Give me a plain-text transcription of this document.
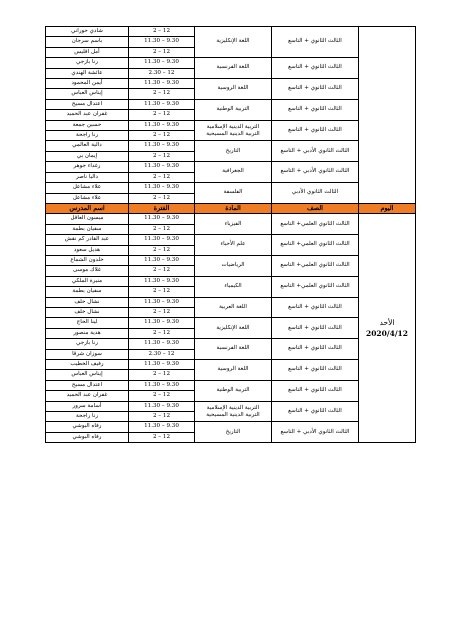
	الثالث الثانوي + التاسع	اللغة الإنكليزية	12 – 2	شادي حوراني
			9.30 – 11.30	باسم سرجان
			12 – 2	أمل اقليس
	الثالث الثانوي + التاسع	اللغة الفرنسية	9.30 – 11.30	رنا بازجي
			12 – 2.30	عائشة الهندي
	الثالث الثانوي + التاسع	اللغة الروسية	9.30 – 11.30	أيمن المحمود
			12 – 2	إيناس العباس
	الثالث الثانوي + التاسع	التربية الوطنية	9.30 – 11.30	اعتدال مسيح
			12 – 2	غفران عبد الحميد
	الثالث الثانوي + التاسع	التربية الدينية الإسلامية
التربية الدينية المسيحية	9.30 – 11.30	حسين جمعة
			12 – 2	رنا راجحة
	الثالث الثانوي الأدبي + التاسع	التاريخ	9.30 – 11.30	دالية العالمي
			12 – 2	إيمان بي
	الثالث الثانوي الأدبي + التاسع	الجغرافية	9.30 – 11.30	رغداء جوهر
			12 – 2	داليا ناصر
	الثالث الثانوي الأدبي	الفلسفة	9.30 – 11.30	علاء مشاعل
			12 – 2	علاء مشاعل
اليوم	الصف	المادة	الفترة	اسم المدرس

الأحد
2020/4/12	الثالث الثانوي العلمي+ التاسع	الفيزياء	9.30 – 11.30	ميسون العاقل
			12 – 2	سفيان بطمة
	الثالث الثانوي العلمي+ التاسع	علم الأحياء	9.30 – 11.30	عبد القادر كم نقش
			12 – 2	هديل سعود
	الثالث الثانوي العلمي+ التاسع	الرياضيات	9.30 – 11.30	خلدون الشماع
			12 – 2	غلاك موسى
	الثالث الثانوي العلمي+ التاسع	الكيمياء	9.30 – 11.30	منيرة الملكي
			12 – 2	سفيان بطمة
	الثالث الثانوي + التاسع	اللغة العربية	9.30 – 11.30	نشال خلف
			12 – 2	نشال خلف
	الثالث الثانوي + التاسع	اللغة الإنكليزية	9.30 – 11.30	لينا الحاج
			12 – 2	هدية منصور
	الثالث الثانوي + التاسع	اللغة الفرنسية	9.30 – 11.30	رنا بازجي
			12 – 2.30	سوزان شرقا
	الثالث الثانوي + التاسع	اللغة الروسية	9.30 – 11.30	رفيف الخطيب
			12 – 2	إيناس العباس
	الثالث الثانوي + التاسع	التربية الوطنية	9.30 – 11.30	اعتدال مسيح
			12 – 2	غفران عبد الحميد
	الثالث الثانوي + التاسع	التربية الدينية الإسلامية
التربية الدينية المسيحية	9.30 – 11.30	أسامة سرور
			12 – 2	رنا راجحة
	الثالث الثانوي الأدبي + التاسع	التاريخ	9.30 – 11.30	رفاه البوشي
			12 – 2	رفاه البوشي
